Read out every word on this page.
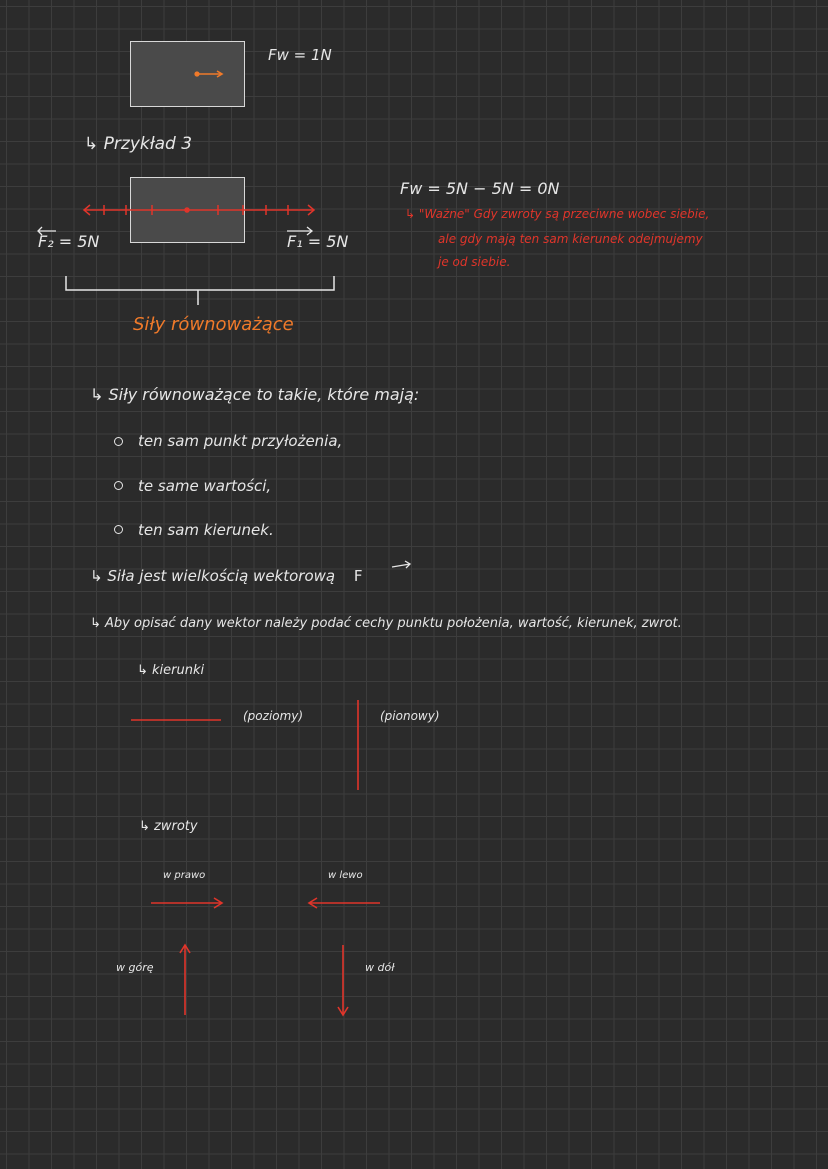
Fw = 1N
↳ Przykład 3
F₂ = 5N	F₁ = 5N
Siły równoważące
Fw = 5N − 5N = 0N
↳ "Ważne" Gdy zwroty są przeciwne wobec siebie,
ale gdy mają ten sam kierunek odejmujemy
je od siebie.
↳ Siły równoważące to takie, które mają:
ten sam punkt przyłożenia,
te same wartości,
ten sam kierunek.
↳ Siła jest wielkością wektorową F
↳ Aby opisać dany wektor należy podać cechy punktu położenia, wartość, kierunek, zwrot.
↳ kierunki
(poziomy)	(pionowy)
↳ zwroty
w prawo	w lewo
w górę	w dół
